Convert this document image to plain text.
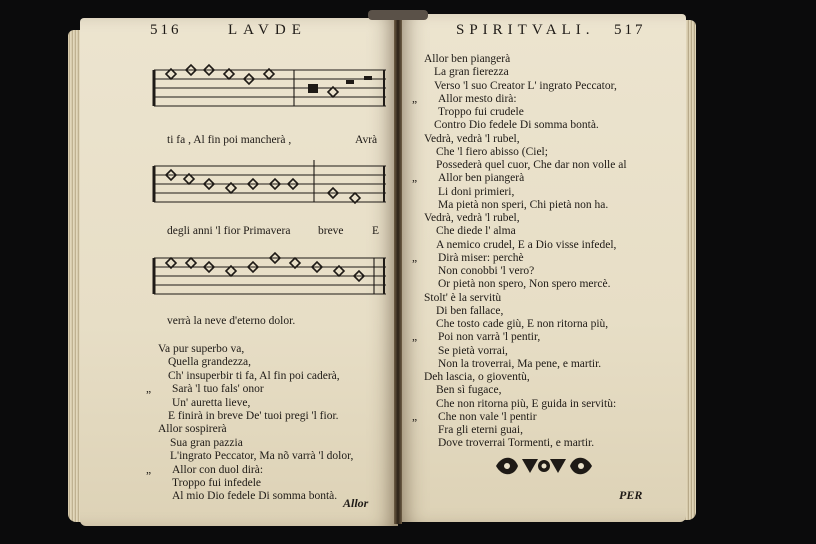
516	LAVDE
ti fa , Al fin poi mancherà ,	Avrà
degli anni 'l fior Primavera breve E
verrà la neve d'eterno dolor.
Va pur superbo va,
Quella grandezza,
Ch' insuperbir ti fa, Al fin poi caderà,
„ Sarà 'l tuo fals' onor
Un' auretta lieve,
E finirà in breve De' tuoi pregi 'l fior.
Allor sospirerà
Sua gran pazzia
L'ingrato Peccator, Ma nõ varrà 'l dolor,
„ Allor con duol dirà:
Troppo fui infedele
Al mio Dio fedele Di somma bontà. Allor
SPIRITVALI. 517
Allor ben piangerà
La gran fierezza
Verso 'l suo Creator L' ingrato Peccator,
„ Allor mesto dirà:
Troppo fui crudele
Contro Dio fedele Di somma bontà.
Vedrà, vedrà 'l rubel,
Che 'l fiero abisso (Ciel;
Possederà quel cuor, Che dar non volle al
„ Allor ben piangerà
Li doni primieri,
Ma pietà non speri, Chi pietà non ha.
Vedrà, vedrà 'l rubel,
Che diede l' alma
A nemico crudel, E a Dio visse infedel,
„ Dirà miser: perchè
Non conobbi 'l vero?
Or pietà non spero, Non spero mercè.
Stolt' è la servitù
Di ben fallace,
Che tosto cade giù, E non ritorna più,
„ Poi non varrà 'l pentir,
Se pietà vorrai,
Non la troverrai, Ma pene, e martir.
Deh lascia, o gioventù,
Ben sì fugace,
Che non ritorna più, E guida in servitù:
„ Che non vale 'l pentir
Fra gli eterni guai,
Dove troverrai Tormenti, e martir.
PER
